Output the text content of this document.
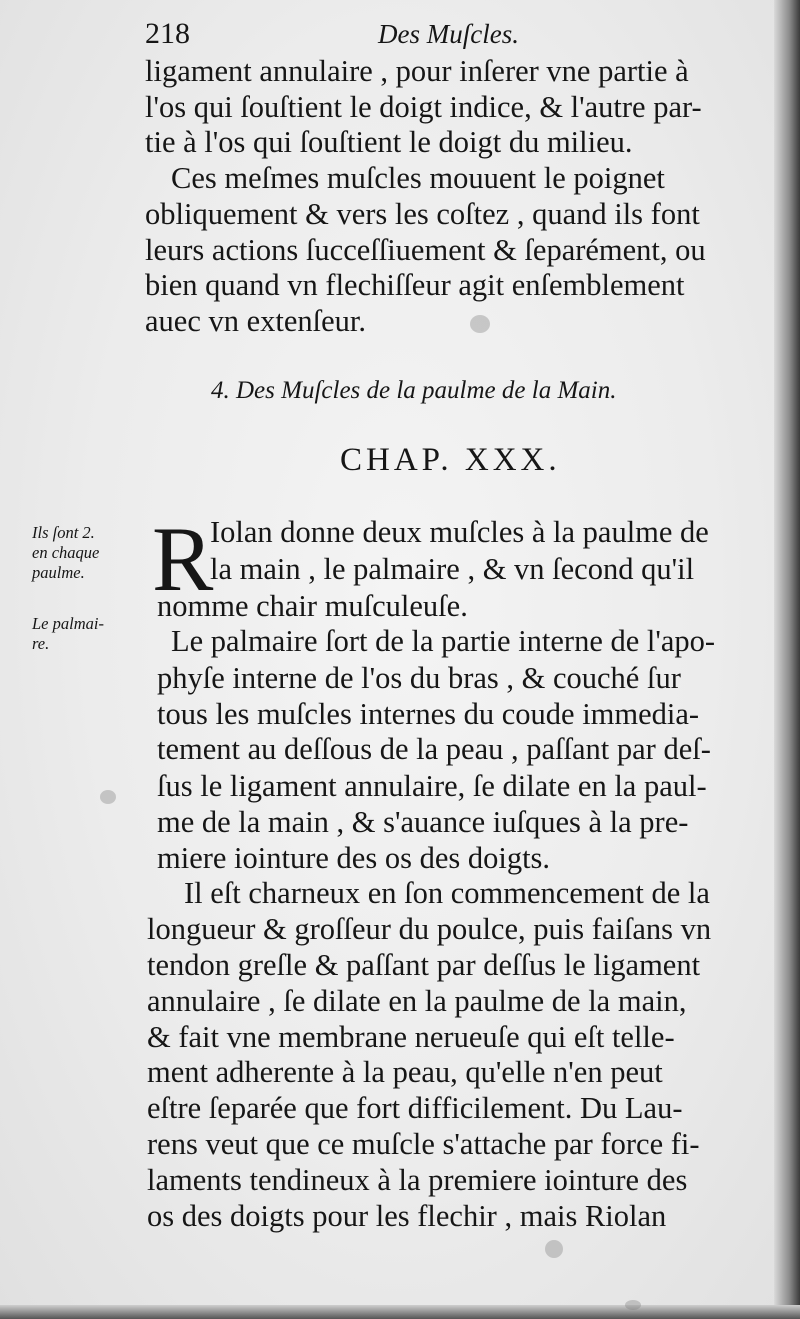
218	Des Muſcles.
ligament annulaire , pour inſerer vne partie à
l'os qui ſouſtient le doigt indice, & l'autre par-
tie à l'os qui ſouſtient le doigt du milieu.
Ces meſmes muſcles mouuent le poignet
obliquement & vers les coſtez , quand ils font
leurs actions ſucceſſiuement & ſeparément, ou
bien quand vn flechiſſeur agit enſemblement
auec vn extenſeur.
4. Des Muſcles de la paulme de la Main.
CHAP. XXX.
Ils ſont 2.
en chaque
paulme.
Le palmai-
re.
R
Iolan donne deux muſcles à la paulme de
la main , le palmaire , & vn ſecond qu'il
nomme chair muſculeuſe.
Le palmaire ſort de la partie interne de l'apo-
phyſe interne de l'os du bras , & couché ſur
tous les muſcles internes du coude immedia-
tement au deſſous de la peau , paſſant par deſ-
ſus le ligament annulaire, ſe dilate en la paul-
me de la main , & s'auance iuſques à la pre-
miere iointure des os des doigts.
Il eſt charneux en ſon commencement de la
longueur & groſſeur du poulce, puis faiſans vn
tendon greſle & paſſant par deſſus le ligament
annulaire , ſe dilate en la paulme de la main,
& fait vne membrane nerueuſe qui eſt telle-
ment adherente à la peau, qu'elle n'en peut
eſtre ſeparée que fort difficilement. Du Lau-
rens veut que ce muſcle s'attache par force fi-
laments tendineux à la premiere iointure des
os des doigts pour les flechir , mais Riolan
